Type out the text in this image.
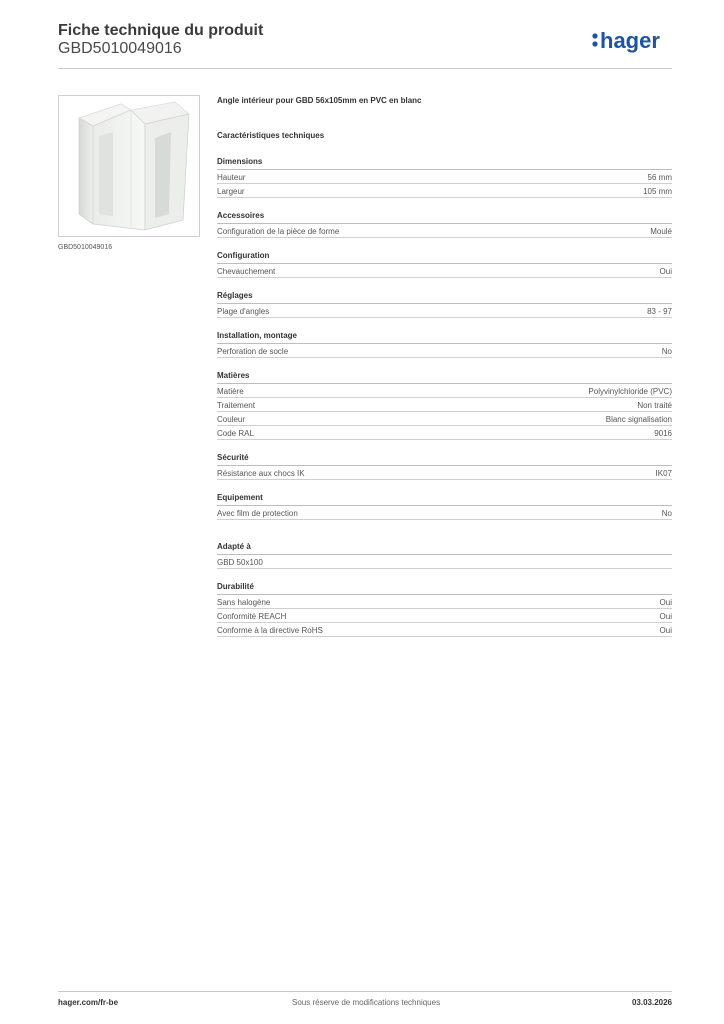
Fiche technique du produit
GBD5010049016	hager
GBD5010049016
Angle intérieur pour GBD 56x105mm en PVC en blanc
Caractéristiques techniques
Dimensions
Hauteur	56 mm
Largeur	105 mm
Accessoires
Configuration de la pièce de forme	Moulé
Configuration
Chevauchement	Oui
Réglages
Plage d'angles	83 - 97
Installation, montage
Perforation de socle	No
Matières
Matière	Polyvinylchloride (PVC)
Traitement	Non traité
Couleur	Blanc signalisation
Code RAL	9016
Sécurité
Résistance aux chocs IK	IK07
Equipement
Avec film de protection	No
Adapté à
GBD 50x100
Durabilité
Sans halogène	Oui
Conformité REACH	Oui
Conforme à la directive RoHS	Oui
hager.com/fr-be	Sous réserve de modifications techniques	03.03.2026
